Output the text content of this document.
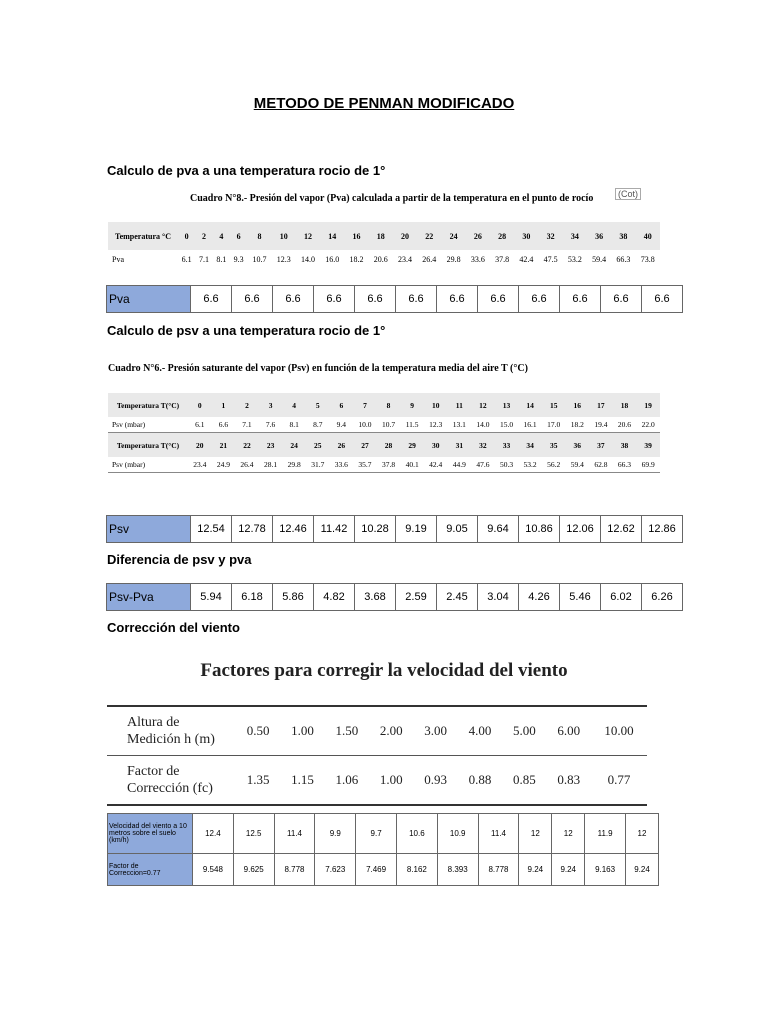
METODO DE PENMAN MODIFICADO
Calculo de pva a una temperatura rocio de 1°
Cuadro N°8.- Presión del vapor (Pva) calculada a partir de la temperatura en el punto de rocío	(Cot)
Temperatura °C	0	2	4	6	8	10	12	14	16	18	20	22	24	26	28	30	32	34	36	38	40
Pva	6.1	7.1	8.1	9.3	10.7	12.3	14.0	16.0	18.2	20.6	23.4	26.4	29.8	33.6	37.8	42.4	47.5	53.2	59.4	66.3	73.8
Pva	6.6	6.6	6.6	6.6	6.6	6.6	6.6	6.6	6.6	6.6	6.6	6.6
Calculo de psv a una temperatura rocio de 1°
Cuadro N°6.- Presión saturante del vapor (Psv) en función de la temperatura media del aire T (°C)
Temperatura T(°C)	0	1	2	3	4	5	6	7	8	9	10	11	12	13	14	15	16	17	18	19
Psv (mbar)	6.1	6.6	7.1	7.6	8.1	8.7	9.4	10.0	10.7	11.5	12.3	13.1	14.0	15.0	16.1	17.0	18.2	19.4	20.6	22.0
Temperatura T(°C)	20	21	22	23	24	25	26	27	28	29	30	31	32	33	34	35	36	37	38	39
Psv (mbar)	23.4	24.9	26.4	28.1	29.8	31.7	33.6	35.7	37.8	40.1	42.4	44.9	47.6	50.3	53.2	56.2	59.4	62.8	66.3	69.9
Psv	12.54	12.78	12.46	11.42	10.28	9.19	9.05	9.64	10.86	12.06	12.62	12.86
Diferencia de psv y pva
Psv-Pva	5.94	6.18	5.86	4.82	3.68	2.59	2.45	3.04	4.26	5.46	6.02	6.26
Corrección del viento
Factores para corregir la velocidad del viento
Altura de Medición h (m)	0.50	1.00	1.50	2.00	3.00	4.00	5.00	6.00	10.00
Factor de Corrección (fc)	1.35	1.15	1.06	1.00	0.93	0.88	0.85	0.83	0.77
Velocidad del viento a 10 metros sobre el suelo (km/h)	12.4	12.5	11.4	9.9	9.7	10.6	10.9	11.4	12	12	11.9	12
Factor de Correccion=0.77	9.548	9.625	8.778	7.623	7.469	8.162	8.393	8.778	9.24	9.24	9.163	9.24
